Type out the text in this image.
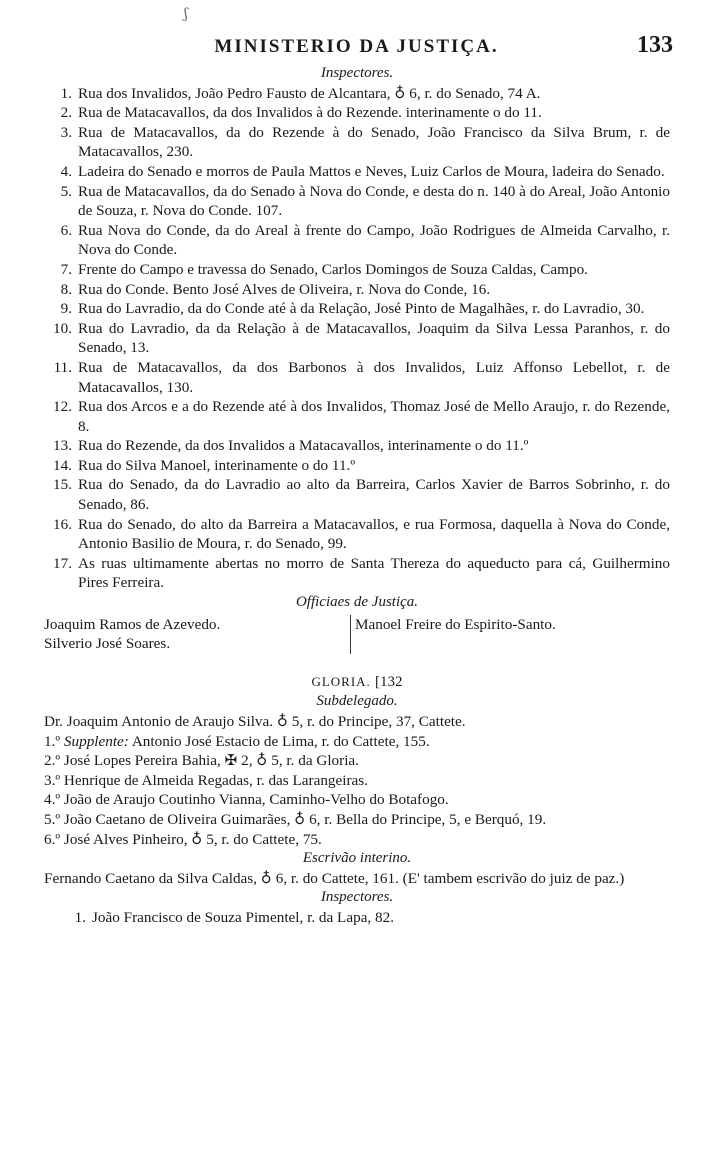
ʃ
MINISTERIO DA JUSTIÇA.	133
Inspectores.
1. Rua dos Invalidos, João Pedro Fausto de Alcantara, ♁ 6, r. do Senado, 74 A.
2. Rua de Matacavallos, da dos Invalidos à do Rezende. interinamente o do 11.
3. Rua de Matacavallos, da do Rezende à do Senado, João Francisco da Silva Brum, r. de Matacavallos, 230.
4. Ladeira do Senado e morros de Paula Mattos e Neves, Luiz Carlos de Moura, ladeira do Senado.
5. Rua de Matacavallos, da do Senado à Nova do Conde, e desta do n. 140 à do Areal, João Antonio de Souza, r. Nova do Conde. 107.
6. Rua Nova do Conde, da do Areal à frente do Campo, João Rodrigues de Almeida Carvalho, r. Nova do Conde.
7. Frente do Campo e travessa do Senado, Carlos Domingos de Souza Caldas, Campo.
8. Rua do Conde. Bento José Alves de Oliveira, r. Nova do Conde, 16.
9. Rua do Lavradio, da do Conde até à da Relação, José Pinto de Magalhães, r. do Lavradio, 30.
10. Rua do Lavradio, da da Relação à de Matacavallos, Joaquim da Silva Lessa Paranhos, r. do Senado, 13.
11. Rua de Matacavallos, da dos Barbonos à dos Invalidos, Luiz Affonso Lebellot, r. de Matacavallos, 130.
12. Rua dos Arcos e a do Rezende até à dos Invalidos, Thomaz José de Mello Araujo, r. do Rezende, 8.
13. Rua do Rezende, da dos Invalidos a Matacavallos, interinamente o do 11.º
14. Rua do Silva Manoel, interinamente o do 11.º
15. Rua do Senado, da do Lavradio ao alto da Barreira, Carlos Xavier de Barros Sobrinho, r. do Senado, 86.
16. Rua do Senado, do alto da Barreira a Matacavallos, e rua Formosa, daquella à Nova do Conde, Antonio Basilio de Moura, r. do Senado, 99.
17. As ruas ultimamente abertas no morro de Santa Thereza do aqueducto para cá, Guilhermino Pires Ferreira.
Officiaes de Justiça.
Joaquim Ramos de Azevedo.
Silverio José Soares.
Manoel Freire do Espirito-Santo.

GLORIA. [132
Subdelegado.
Dr. Joaquim Antonio de Araujo Silva. ♁ 5, r. do Principe, 37, Cattete.
1.º Supplente: Antonio José Estacio de Lima, r. do Cattete, 155.
2.º José Lopes Pereira Bahia, ✠ 2, ♁ 5, r. da Gloria.
3.º Henrique de Almeida Regadas, r. das Larangeiras.
4.º João de Araujo Coutinho Vianna, Caminho-Velho do Botafogo.
5.º João Caetano de Oliveira Guimarães, ♁ 6, r. Bella do Principe, 5, e Berquó, 19.
6.º José Alves Pinheiro, ♁ 5, r. do Cattete, 75.
Escrivão interino.
Fernando Caetano da Silva Caldas, ♁ 6, r. do Cattete, 161. (E' tambem escrivão do juiz de paz.)
Inspectores.
1. João Francisco de Souza Pimentel, r. da Lapa, 82.
